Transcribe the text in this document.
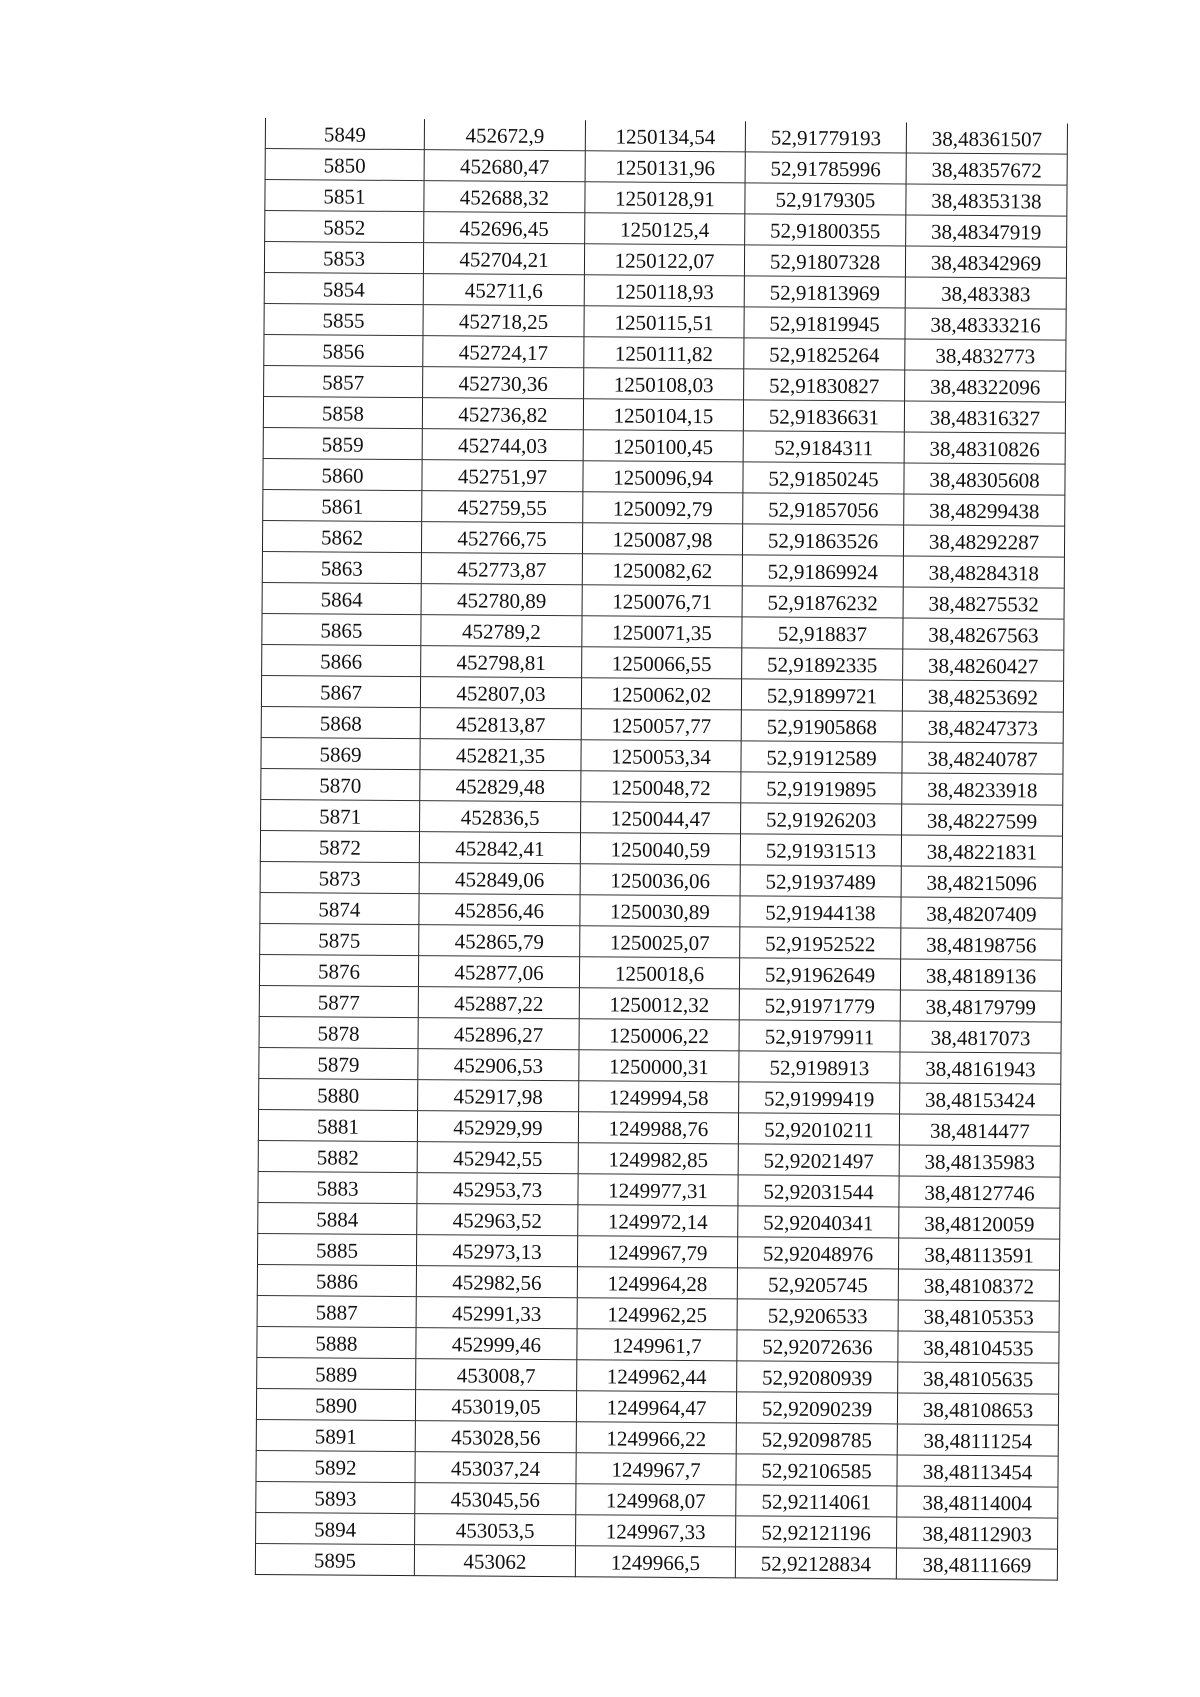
5849	452672,9	1250134,54	52,91779193	38,48361507
5850	452680,47	1250131,96	52,91785996	38,48357672
5851	452688,32	1250128,91	52,9179305	38,48353138
5852	452696,45	1250125,4	52,91800355	38,48347919
5853	452704,21	1250122,07	52,91807328	38,48342969
5854	452711,6	1250118,93	52,91813969	38,483383
5855	452718,25	1250115,51	52,91819945	38,48333216
5856	452724,17	1250111,82	52,91825264	38,4832773
5857	452730,36	1250108,03	52,91830827	38,48322096
5858	452736,82	1250104,15	52,91836631	38,48316327
5859	452744,03	1250100,45	52,9184311	38,48310826
5860	452751,97	1250096,94	52,91850245	38,48305608
5861	452759,55	1250092,79	52,91857056	38,48299438
5862	452766,75	1250087,98	52,91863526	38,48292287
5863	452773,87	1250082,62	52,91869924	38,48284318
5864	452780,89	1250076,71	52,91876232	38,48275532
5865	452789,2	1250071,35	52,918837	38,48267563
5866	452798,81	1250066,55	52,91892335	38,48260427
5867	452807,03	1250062,02	52,91899721	38,48253692
5868	452813,87	1250057,77	52,91905868	38,48247373
5869	452821,35	1250053,34	52,91912589	38,48240787
5870	452829,48	1250048,72	52,91919895	38,48233918
5871	452836,5	1250044,47	52,91926203	38,48227599
5872	452842,41	1250040,59	52,91931513	38,48221831
5873	452849,06	1250036,06	52,91937489	38,48215096
5874	452856,46	1250030,89	52,91944138	38,48207409
5875	452865,79	1250025,07	52,91952522	38,48198756
5876	452877,06	1250018,6	52,91962649	38,48189136
5877	452887,22	1250012,32	52,91971779	38,48179799
5878	452896,27	1250006,22	52,91979911	38,4817073
5879	452906,53	1250000,31	52,9198913	38,48161943
5880	452917,98	1249994,58	52,91999419	38,48153424
5881	452929,99	1249988,76	52,92010211	38,4814477
5882	452942,55	1249982,85	52,92021497	38,48135983
5883	452953,73	1249977,31	52,92031544	38,48127746
5884	452963,52	1249972,14	52,92040341	38,48120059
5885	452973,13	1249967,79	52,92048976	38,48113591
5886	452982,56	1249964,28	52,9205745	38,48108372
5887	452991,33	1249962,25	52,9206533	38,48105353
5888	452999,46	1249961,7	52,92072636	38,48104535
5889	453008,7	1249962,44	52,92080939	38,48105635
5890	453019,05	1249964,47	52,92090239	38,48108653
5891	453028,56	1249966,22	52,92098785	38,48111254
5892	453037,24	1249967,7	52,92106585	38,48113454
5893	453045,56	1249968,07	52,92114061	38,48114004
5894	453053,5	1249967,33	52,92121196	38,48112903
5895	453062	1249966,5	52,92128834	38,48111669
